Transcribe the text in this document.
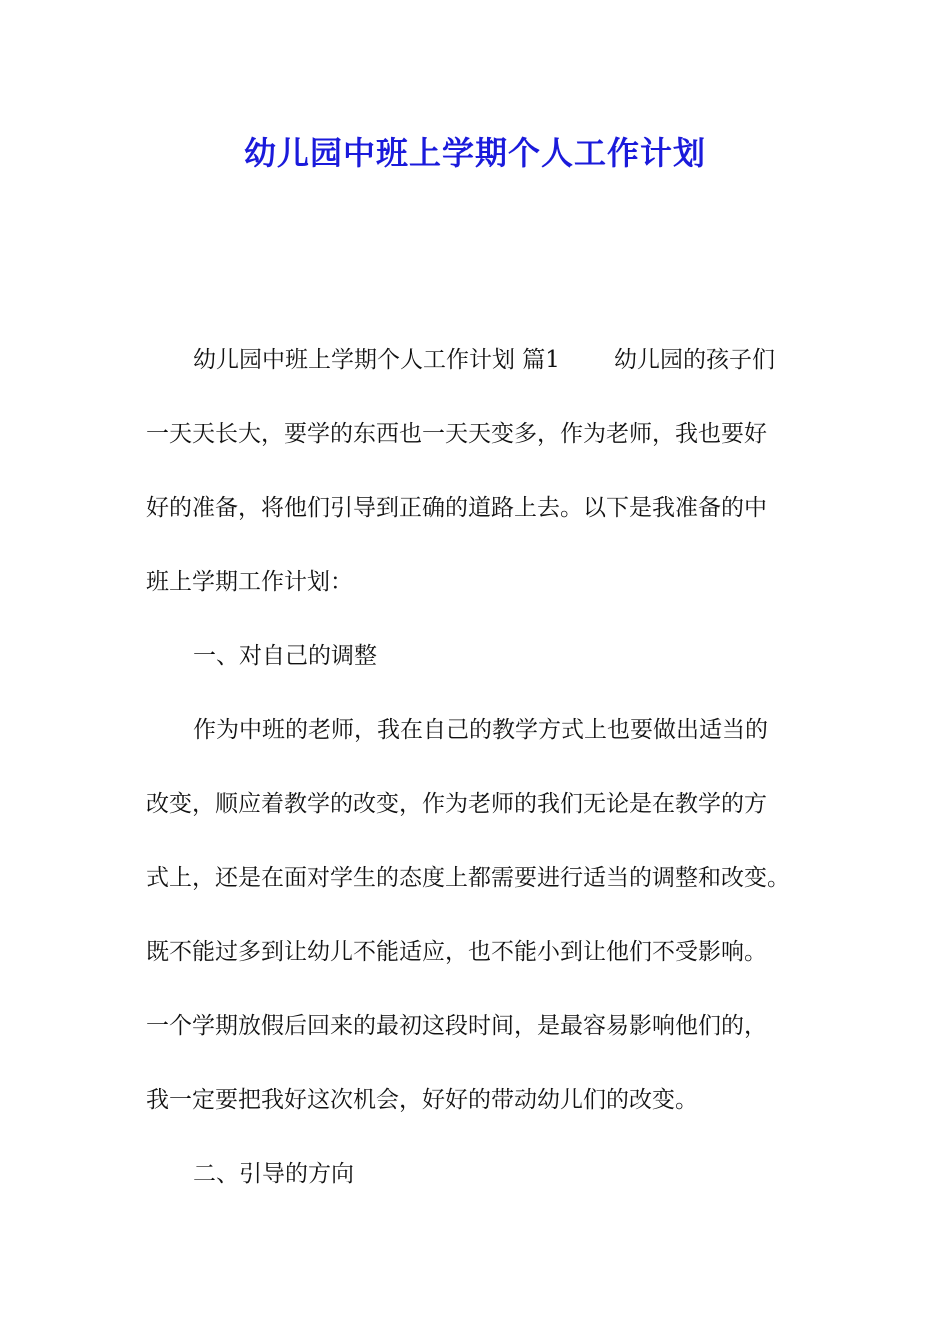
幼儿园中班上学期个人工作计划
幼儿园中班上学期个人工作计划 篇1 幼儿园的孩子们
一天天长大，要学的东西也一天天变多，作为老师，我也要好
好的准备，将他们引导到正确的道路上去。以下是我准备的中
班上学期工作计划：
一、对自己的调整
作为中班的老师，我在自己的教学方式上也要做出适当的
改变，顺应着教学的改变，作为老师的我们无论是在教学的方
式上，还是在面对学生的态度上都需要进行适当的调整和改变。
既不能过多到让幼儿不能适应，也不能小到让他们不受影响。
一个学期放假后回来的最初这段时间，是最容易影响他们的，
我一定要把我好这次机会，好好的带动幼儿们的改变。
二、引导的方向
